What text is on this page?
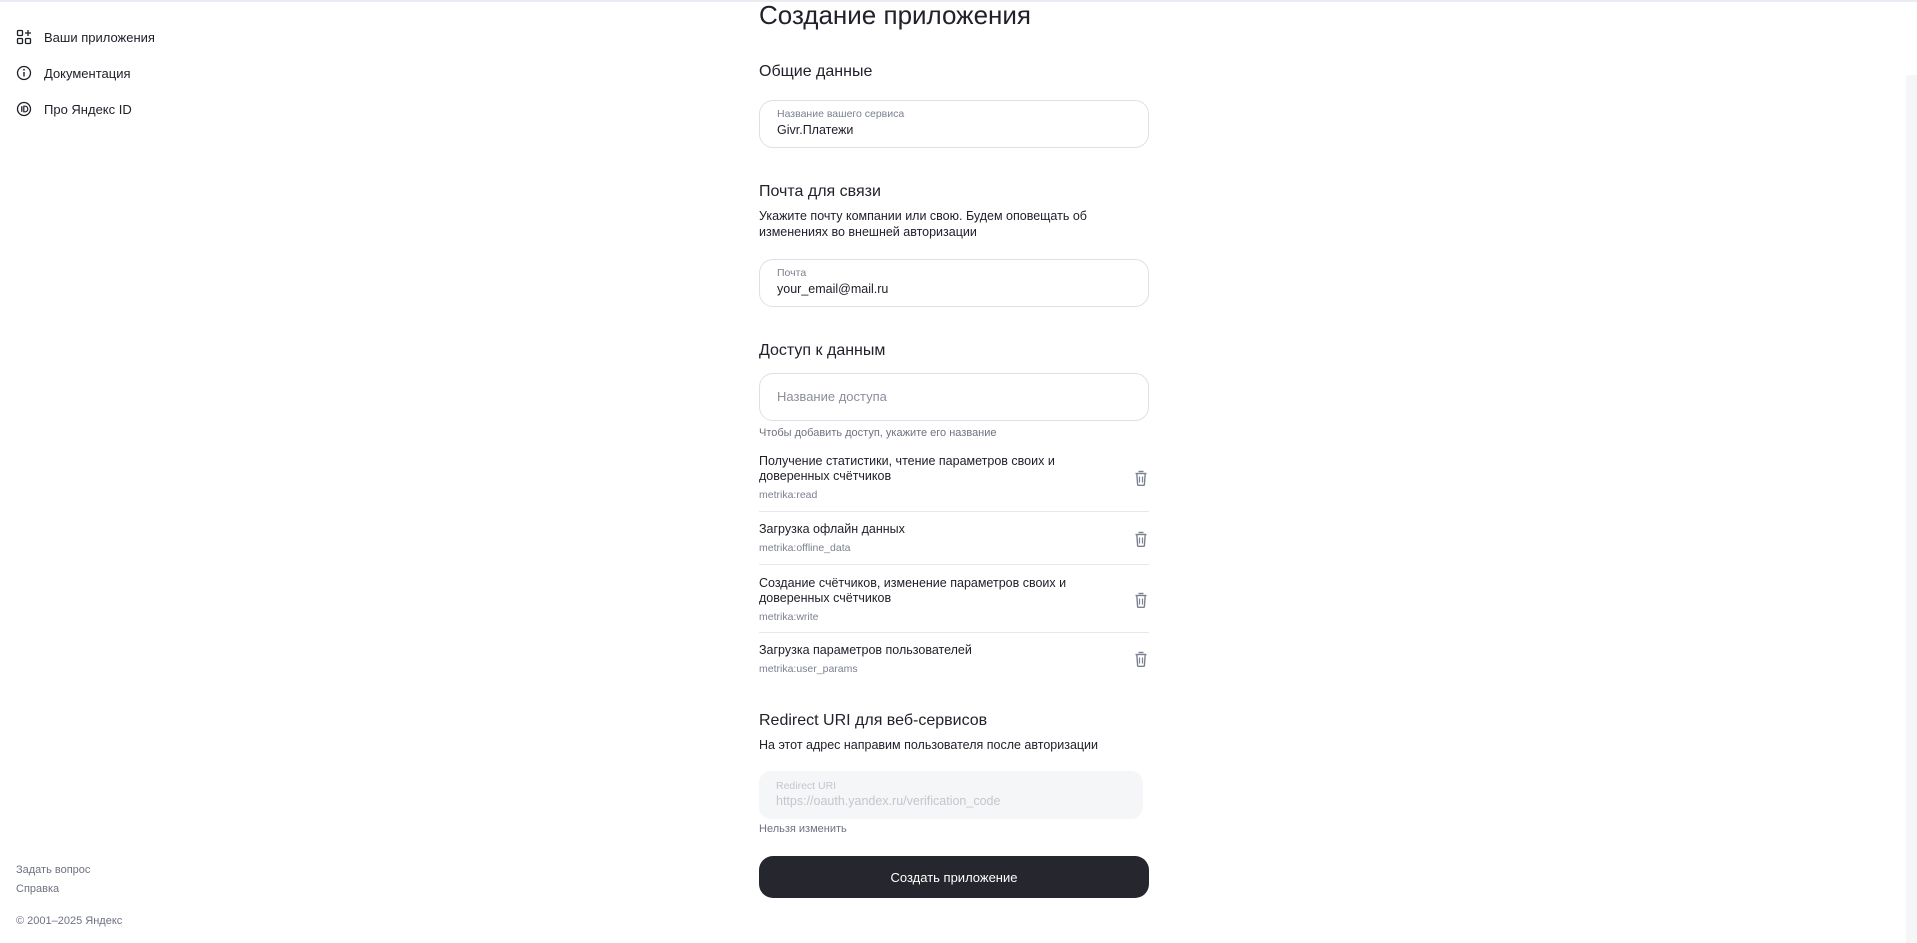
Ваши приложения
Документация
Про Яндекс ID
Задать вопрос
Справка
© 2001–2025 Яндекс
Создание приложения
Общие данные
Название вашего сервиса
Givr.Платежи
Почта для связи
Укажите почту компании или свою. Будем оповещать об изменениях во внешней авторизации
Почта
your_email@mail.ru
Доступ к данным
Название доступа
Чтобы добавить доступ, укажите его название
Получение статистики, чтение параметров своих и доверенных счётчиков
metrika:read
Загрузка офлайн данных
metrika:offline_data
Создание счётчиков, изменение параметров своих и доверенных счётчиков
metrika:write
Загрузка параметров пользователей
metrika:user_params
Redirect URI для веб-сервисов
На этот адрес направим пользователя после авторизации
Redirect URI
https://oauth.yandex.ru/verification_code
Нельзя изменить
Создать приложение
